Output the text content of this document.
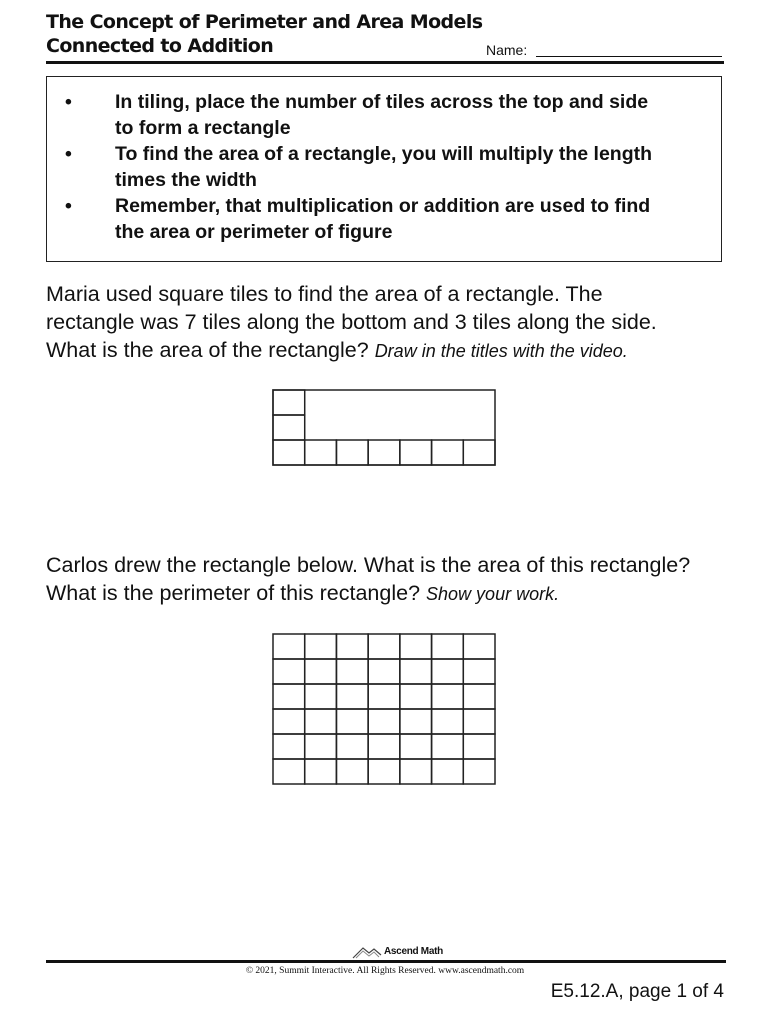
The Concept of Perimeter and Area Models
Connected to Addition	Name:
• In tiling, place the number of tiles across the top and side
to form a rectangle
• To find the area of a rectangle, you will multiply the length
times the width
• Remember, that multiplication or addition are used to find
the area or perimeter of figure
Maria used square tiles to find the area of a rectangle. The
rectangle was 7 tiles along the bottom and 3 tiles along the side.
What is the area of the rectangle? Draw in the titles with the video.
Carlos drew the rectangle below. What is the area of this rectangle?
What is the perimeter of this rectangle? Show your work.
Ascend Math
© 2021, Summit Interactive. All Rights Reserved. www.ascendmath.com
E5.12.A, page 1 of 4
